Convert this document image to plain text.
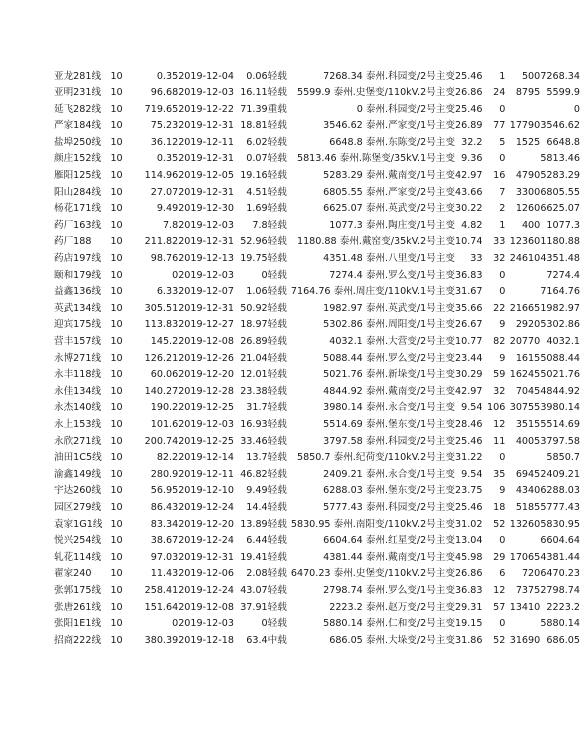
亚龙281线	10	0.35	2019-12-04	0.06	轻载	7268.34 泰州.科园变/2号主变	25.46	1	500	7268.34
亚明231线	10	96.68	2019-12-03	16.11	轻载	5599.9 泰州.史堡变/110kV.2号主变	26.86	24	8795	5599.9
延飞282线	10	719.65	2019-12-22	71.39	重载	0 泰州.科园变/2号主变	25.46	0		0
严家184线	10	75.23	2019-12-31	18.81	轻载	3546.62 泰州.严家变/1号主变	26.89	77	17790	3546.62
盐埠250线	10	36.12	2019-12-11	6.02	轻载	6648.8 泰州.东陈变/2号主变	32.2	5	1525	6648.8
颜庄152线	10	0.35	2019-12-31	0.07	轻载	5813.46 泰州.陈堡变/35kV.1号主变	9.36	0		5813.46
雁阳125线	10	114.96	2019-12-05	19.16	轻载	5283.29 泰州.戴南变/1号主变	42.97	16	4790	5283.29
阳山284线	10	27.07	2019-12-31	4.51	轻载	6805.55 泰州.严家变/2号主变	43.66	7	3300	6805.55
杨花171线	10	9.49	2019-12-30	1.69	轻载	6625.07 泰州.英武变/2号主变	30.22	2	1260	6625.07
药厂163线	10	7.8	2019-12-03	7.8	轻载	1077.3 泰州.陶庄变/1号主变	4.82	1	400	1077.3
药厂188	10	211.82	2019-12-31	52.96	轻载	1180.88 泰州.戴窑变/35kV.2号主变	10.74	33	12360	1180.88
药店197线	10	98.76	2019-12-13	19.75	轻载	4351.48 泰州.八里变/1号主变	33	32	24610	4351.48
颐和179线	10	0	2019-12-03	0	轻载	7274.4 泰州.罗么变/1号主变	36.83	0		7274.4
益鑫136线	10	6.33	2019-12-07	1.06	轻载	7164.76 泰州.周庄变/110kV.1号主变	31.67	0		7164.76
英武134线	10	305.51	2019-12-31	50.92	轻载	1982.97 泰州.英武变/1号主变	35.66	22	21665	1982.97
迎宾175线	10	113.83	2019-12-27	18.97	轻载	5302.86 泰州.周阳变/1号主变	26.67	9	2920	5302.86
营丰157线	10	145.2	2019-12-08	26.89	轻载	4032.1 泰州.大营变/2号主变	10.77	82	20770	4032.1
永博271线	10	126.21	2019-12-26	21.04	轻载	5088.44 泰州.罗么变/2号主变	23.44	9	1615	5088.44
永丰118线	10	60.06	2019-12-20	12.01	轻载	5021.76 泰州.新垛变/1号主变	30.29	59	16245	5021.76
永佳134线	10	140.27	2019-12-28	23.38	轻载	4844.92 泰州.戴南变/2号主变	42.97	32	7045	4844.92
永杰140线	10	190.2	2019-12-25	31.7	轻载	3980.14 泰州.永合变/1号主变	9.54	106	30755	3980.14
永上153线	10	101.6	2019-12-03	16.93	轻载	5514.69 泰州.堡东变/1号主变	28.46	12	3515	5514.69
永欣271线	10	200.74	2019-12-25	33.46	轻载	3797.58 泰州.科园变/2号主变	25.46	11	4005	3797.58
油田1C5线	10	82.2	2019-12-14	13.7	轻载	5850.7 泰州.纪荷变/110kV.2号主变	31.22	0		5850.7
渝鑫149线	10	280.9	2019-12-11	46.82	轻载	2409.21 泰州.永合变/1号主变	9.54	35	6945	2409.21
宇达260线	10	56.95	2019-12-10	9.49	轻载	6288.03 泰州.堡东变/2号主变	23.75	9	4340	6288.03
园区279线	10	86.43	2019-12-24	14.4	轻载	5777.43 泰州.科园变/2号主变	25.46	18	5185	5777.43
袁家1G1线	10	83.34	2019-12-20	13.89	轻载	5830.95 泰州.南阳变/110kV.2号主变	31.02	52	13260	5830.95
悦兴254线	10	38.67	2019-12-24	6.44	轻载	6604.64 泰州.红星变/2号主变	13.04	0		6604.64
轧花114线	10	97.03	2019-12-31	19.41	轻载	4381.44 泰州.戴南变/1号主变	45.98	29	17065	4381.44
翟家240	10	11.43	2019-12-06	2.08	轻载	6470.23 泰州.史堡变/110kV.2号主变	26.86	6	720	6470.23
张郭175线	10	258.41	2019-12-24	43.07	轻载	2798.74 泰州.罗么变/1号主变	36.83	12	7375	2798.74
张唐261线	10	151.64	2019-12-08	37.91	轻载	2223.2 泰州.赵万变/2号主变	29.31	57	13410	2223.2
张阳1E1线	10	0	2019-12-03	0	轻载	5880.14 泰州.仁和变/2号主变	19.15	0		5880.14
招商222线	10	380.39	2019-12-18	63.4	中载	686.05 泰州.大垛变/2号主变	31.86	52	31690	686.05
